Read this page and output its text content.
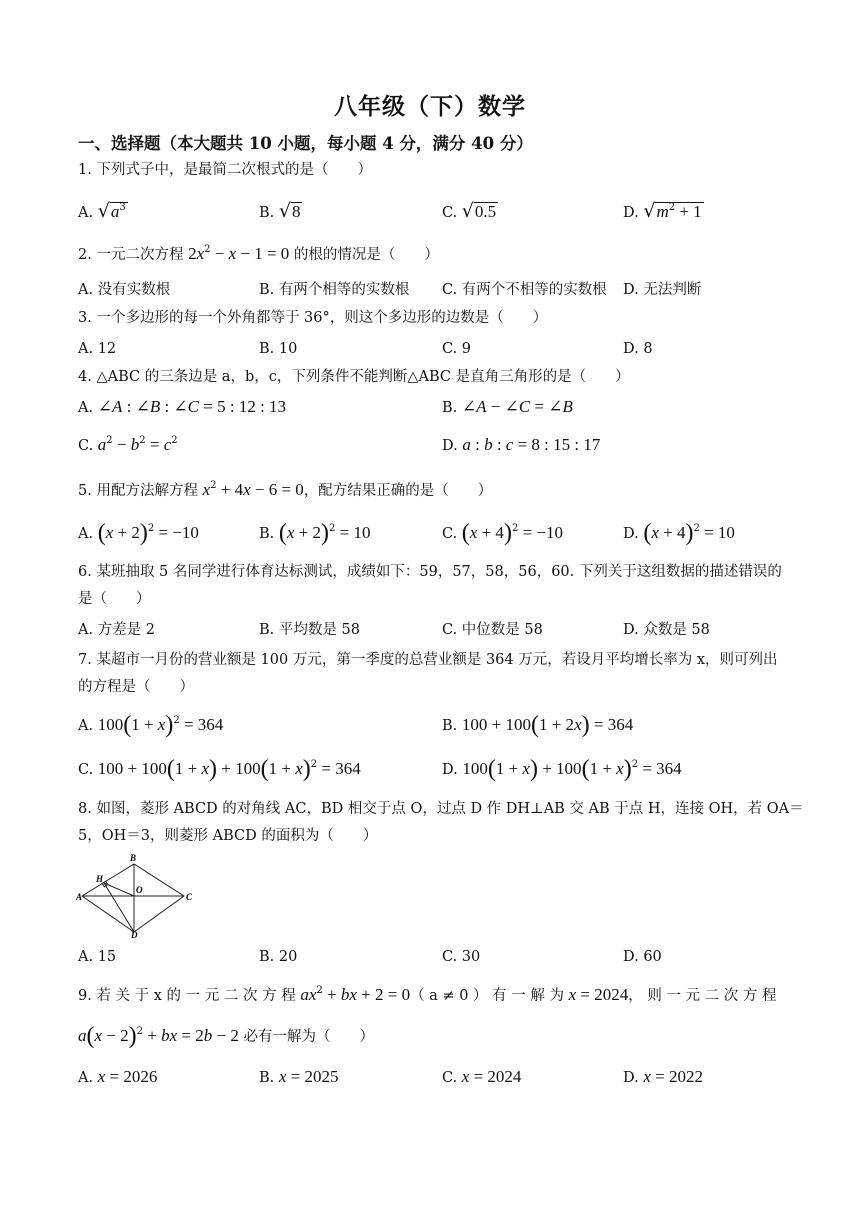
八年级（下）数学
一、选择题（本大题共 10 小题，每小题 4 分，满分 40 分）
1. 下列式子中，是最简二次根式的是（　　）
A. $√a^3$	B. √8	C. √0.5	D. $√m^2 + 1$
2. 一元二次方程 $2x^2 - x - 1 = 0$ 的根的情况是（　　）
A. 没有实数根	B. 有两个相等的实数根 C. 有两个不相等的实数根 D. 无法判断
3. 一个多边形的每一个外角都等于 36°，则这个多边形的边数是（　　）
A. 12	B. 10	C. 9	D. 8
4. △ABC 的三条边是 a，b，c，下列条件不能判断△ABC 是直角三角形的是（　　）
A. ∠A : ∠B : ∠C = 5 : 12 : 13	B. ∠A − ∠C = ∠B
C. $a^2 - b^2 = c^2$	D. a : b : c = 8 : 15 : 17
5. 用配方法解方程 $x^2 + 4x - 6 = 0$，配方结果正确的是（　　）
A. $(x + 2)^2 = -10$	B. $(x + 2)^2 = 10$	C. $(x + 4)^2 = -10$	D. $(x + 4)^2 = 10$
6. 某班抽取 5 名同学进行体育达标测试，成绩如下：59，57，58，56，60. 下列关于这组数据的描述错误的
是（　　）
A. 方差是 2	B. 平均数是 58	C. 中位数是 58	D. 众数是 58
7. 某超市一月份的营业额是 100 万元，第一季度的总营业额是 364 万元，若设月平均增长率为 x，则可列出
的方程是（　　）
A. $100(1 + x)^2 = 364$	B. 100 + 100(1 + 2x) = 364
C. $100 + 100(1 + x) + 100(1 + x)^2 = 364$	D. $100(1 + x) + 100(1 + x)^2 = 364$
8. 如图，菱形 ABCD 的对角线 AC，BD 相交于点 O，过点 D 作 DH⊥AB 交 AB 于点 H，连接 OH，若 OA＝
5，OH＝3，则菱形 ABCD 的面积为（　　）
A
B
C
D
H
O
A. 15	B. 20	C. 30	D. 60
9. 若 关 于 x 的 一 元 二 次 方 程 $ax^2$ + bx + 2 = 0（ a ≠ 0 ） 有 一 解 为 x = 2024， 则 一 元 二 次 方 程
$a(x - 2)^2$ + bx = 2b − 2 必有一解为（　　）
A. x = 2026	B. x = 2025	C. x = 2024	D. x = 2022
